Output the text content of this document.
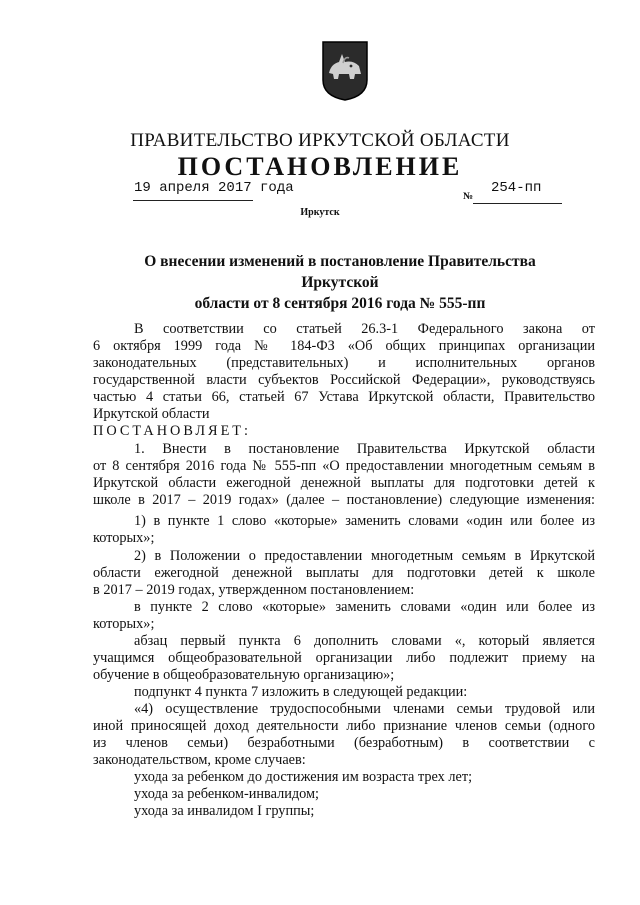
ПРАВИТЕЛЬСТВО ИРКУТСКОЙ ОБЛАСТИ
ПОСТАНОВЛЕНИЕ
19 апреля 2017 года
№
254-пп
Иркутск
О внесении изменений в постановление Правительства Иркутской
области от 8 сентября 2016 года № 555-пп
В соответствии со статьей 26.3-1 Федерального закона от
6 октября 1999 года № 184-ФЗ «Об общих принципах организации
законодательных (представительных) и исполнительных органов
государственной власти субъектов Российской Федерации», руководствуясь
частью 4 статьи 66, статьей 67 Устава Иркутской области, Правительство
Иркутской области
ПОСТАНОВЛЯЕТ:
1. Внести в постановление Правительства Иркутской области
от 8 сентября 2016 года № 555-пп «О предоставлении многодетным семьям в
Иркутской области ежегодной денежной выплаты для подготовки детей к
школе в 2017 – 2019 годах» (далее – постановление) следующие изменения:
1) в пункте 1 слово «которые» заменить словами «один или более из
которых»;
2) в Положении о предоставлении многодетным семьям в Иркутской
области ежегодной денежной выплаты для подготовки детей к школе
в 2017 – 2019 годах, утвержденном постановлением:
в пункте 2 слово «которые» заменить словами «один или более из
которых»;
абзац первый пункта 6 дополнить словами «, который является
учащимся общеобразовательной организации либо подлежит приему на
обучение в общеобразовательную организацию»;
подпункт 4 пункта 7 изложить в следующей редакции:
«4) осуществление трудоспособными членами семьи трудовой или
иной приносящей доход деятельности либо признание членов семьи (одного
из членов семьи) безработными (безработным) в соответствии с
законодательством, кроме случаев:
ухода за ребенком до достижения им возраста трех лет;
ухода за ребенком-инвалидом;
ухода за инвалидом I группы;
